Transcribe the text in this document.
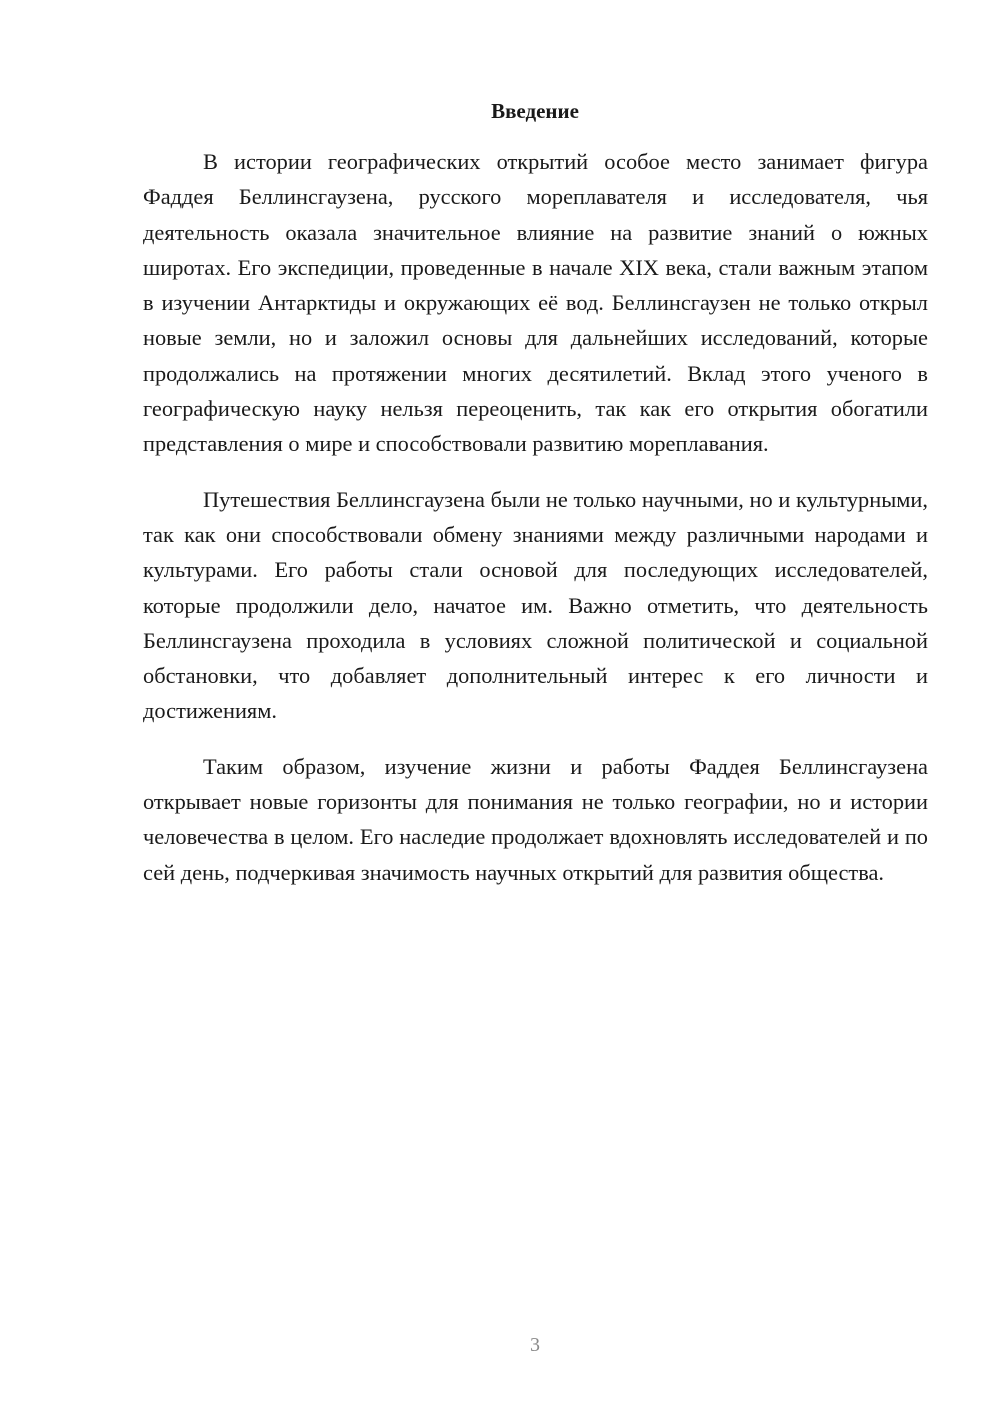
Введение

В истории географических открытий особое место занимает фигура Фаддея Беллинсгаузена, русского мореплавателя и исследователя, чья деятельность оказала значительное влияние на развитие знаний о южных широтах. Его экспедиции, проведенные в начале XIX века, стали важным этапом в изучении Антарктиды и окружающих её вод. Беллинсгаузен не только открыл новые земли, но и заложил основы для дальнейших исследований, которые продолжались на протяжении многих десятилетий. Вклад этого ученого в географическую науку нельзя переоценить, так как его открытия обогатили представления о мире и способствовали развитию мореплавания.

Путешествия Беллинсгаузена были не только научными, но и культурными, так как они способствовали обмену знаниями между различными народами и культурами. Его работы стали основой для последующих исследователей, которые продолжили дело, начатое им. Важно отметить, что деятельность Беллинсгаузена проходила в условиях сложной политической и социальной обстановки, что добавляет дополнительный интерес к его личности и достижениям.

Таким образом, изучение жизни и работы Фаддея Беллинсгаузена открывает новые горизонты для понимания не только географии, но и истории человечества в целом. Его наследие продолжает вдохновлять исследователей и по сей день, подчеркивая значимость научных открытий для развития общества.

3
